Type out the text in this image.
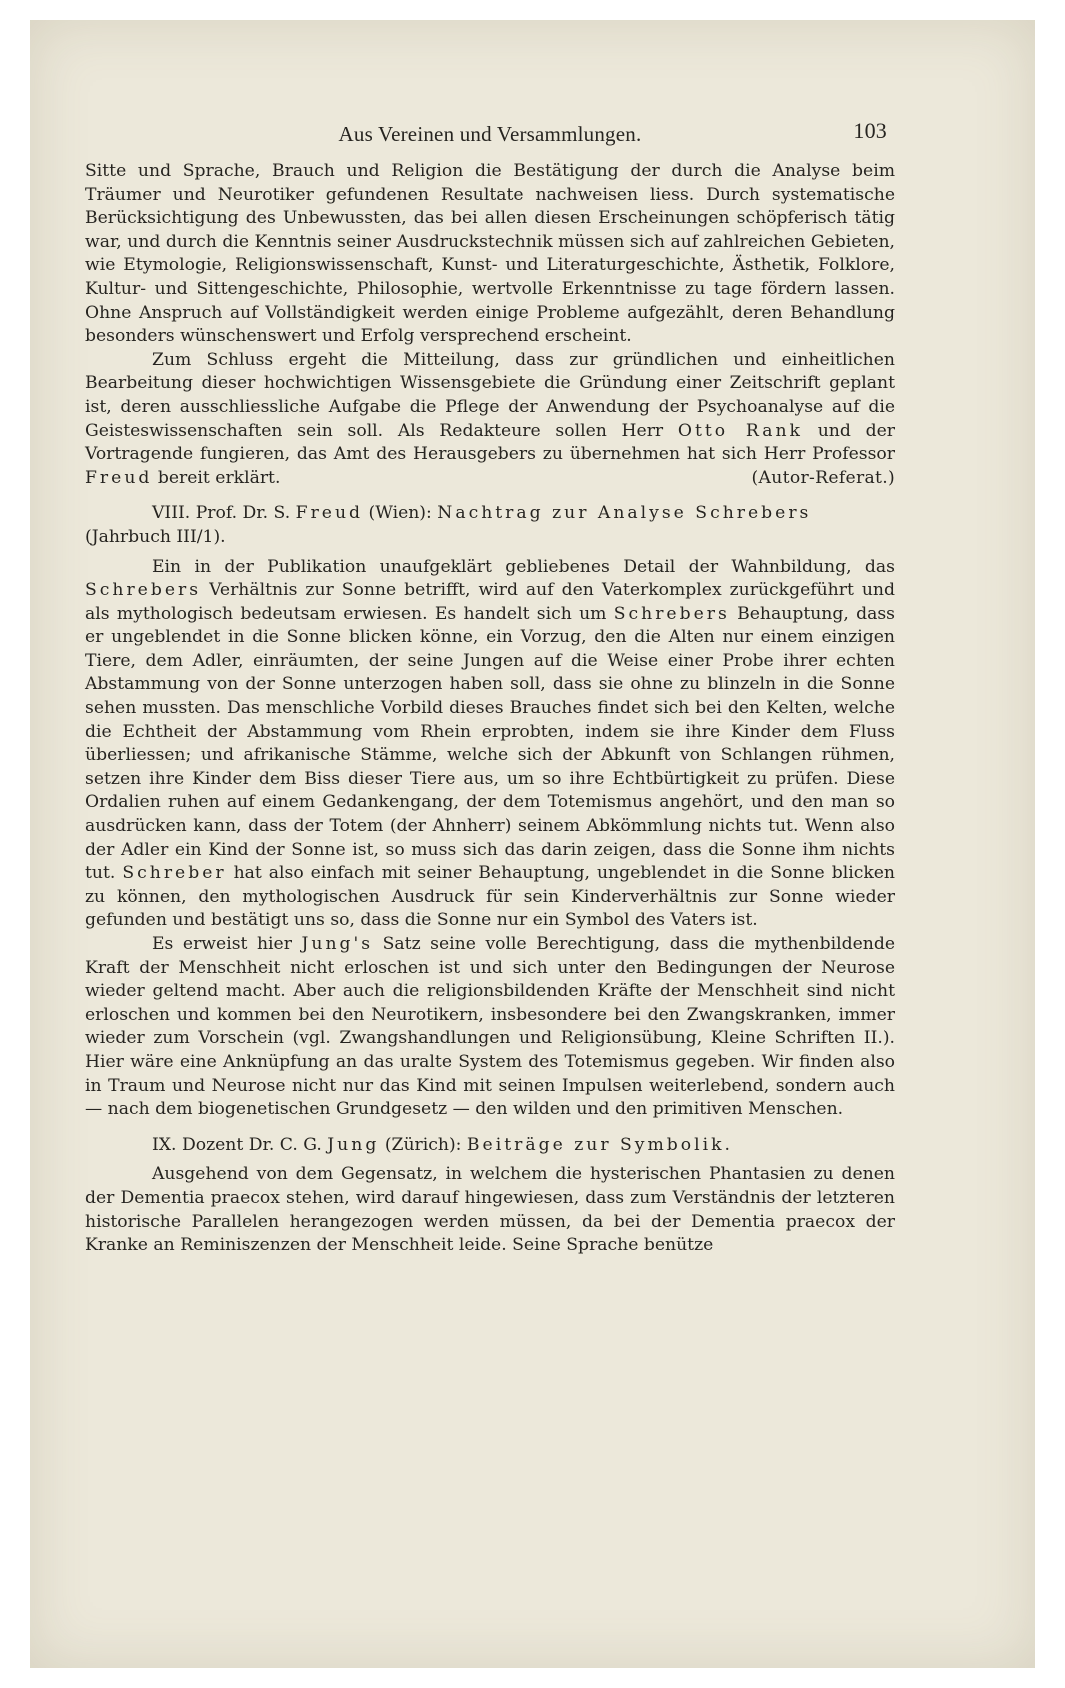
Aus Vereinen und Versammlungen.	103

Sitte und Sprache, Brauch und Religion die Bestätigung der durch die Analyse beim Träumer und Neurotiker gefundenen Resultate nachweisen liess. Durch systematische Berücksichtigung des Unbewussten, das bei allen diesen Erscheinungen schöpferisch tätig war, und durch die Kenntnis seiner Ausdruckstechnik müssen sich auf zahlreichen Gebieten, wie Etymologie, Religionswissenschaft, Kunst- und Literaturgeschichte, Ästhetik, Folklore, Kultur- und Sittengeschichte, Philosophie, wertvolle Erkenntnisse zu tage fördern lassen. Ohne Anspruch auf Vollständigkeit werden einige Probleme aufgezählt, deren Behandlung besonders wünschenswert und Erfolg versprechend erscheint.

Zum Schluss ergeht die Mitteilung, dass zur gründlichen und einheitlichen Bearbeitung dieser hochwichtigen Wissensgebiete die Gründung einer Zeitschrift geplant ist, deren ausschliessliche Aufgabe die Pflege der Anwendung der Psychoanalyse auf die Geisteswissenschaften sein soll. Als Redakteure sollen Herr Otto Rank und der Vortragende fungieren, das Amt des Herausgebers zu übernehmen hat sich Herr Professor Freud bereit erklärt.	(Autor-Referat.)

VIII. Prof. Dr. S. Freud (Wien): Nachtrag zur Analyse Schrebers (Jahrbuch III/1).

Ein in der Publikation unaufgeklärt gebliebenes Detail der Wahnbildung, das Schrebers Verhältnis zur Sonne betrifft, wird auf den Vaterkomplex zurückgeführt und als mythologisch bedeutsam erwiesen. Es handelt sich um Schrebers Behauptung, dass er ungeblendet in die Sonne blicken könne, ein Vorzug, den die Alten nur einem einzigen Tiere, dem Adler, einräumten, der seine Jungen auf die Weise einer Probe ihrer echten Abstammung von der Sonne unterzogen haben soll, dass sie ohne zu blinzeln in die Sonne sehen mussten. Das menschliche Vorbild dieses Brauches findet sich bei den Kelten, welche die Echtheit der Abstammung vom Rhein erprobten, indem sie ihre Kinder dem Fluss überliessen; und afrikanische Stämme, welche sich der Abkunft von Schlangen rühmen, setzen ihre Kinder dem Biss dieser Tiere aus, um so ihre Echtbürtigkeit zu prüfen. Diese Ordalien ruhen auf einem Gedankengang, der dem Totemismus angehört, und den man so ausdrücken kann, dass der Totem (der Ahnherr) seinem Abkömmlung nichts tut. Wenn also der Adler ein Kind der Sonne ist, so muss sich das darin zeigen, dass die Sonne ihm nichts tut. Schreber hat also einfach mit seiner Behauptung, ungeblendet in die Sonne blicken zu können, den mythologischen Ausdruck für sein Kinderverhältnis zur Sonne wieder gefunden und bestätigt uns so, dass die Sonne nur ein Symbol des Vaters ist.

Es erweist hier Jung's Satz seine volle Berechtigung, dass die mythenbildende Kraft der Menschheit nicht erloschen ist und sich unter den Bedingungen der Neurose wieder geltend macht. Aber auch die religionsbildenden Kräfte der Menschheit sind nicht erloschen und kommen bei den Neurotikern, insbesondere bei den Zwangskranken, immer wieder zum Vorschein (vgl. Zwangshandlungen und Religionsübung, Kleine Schriften II.). Hier wäre eine Anknüpfung an das uralte System des Totemismus gegeben. Wir finden also in Traum und Neurose nicht nur das Kind mit seinen Impulsen weiterlebend, sondern auch — nach dem biogenetischen Grundgesetz — den wilden und den primitiven Menschen.

IX. Dozent Dr. C. G. Jung (Zürich): Beiträge zur Symbolik.

Ausgehend von dem Gegensatz, in welchem die hysterischen Phantasien zu denen der Dementia praecox stehen, wird darauf hingewiesen, dass zum Verständnis der letzteren historische Parallelen herangezogen werden müssen, da bei der Dementia praecox der Kranke an Reminiszenzen der Menschheit leide. Seine Sprache benütze
